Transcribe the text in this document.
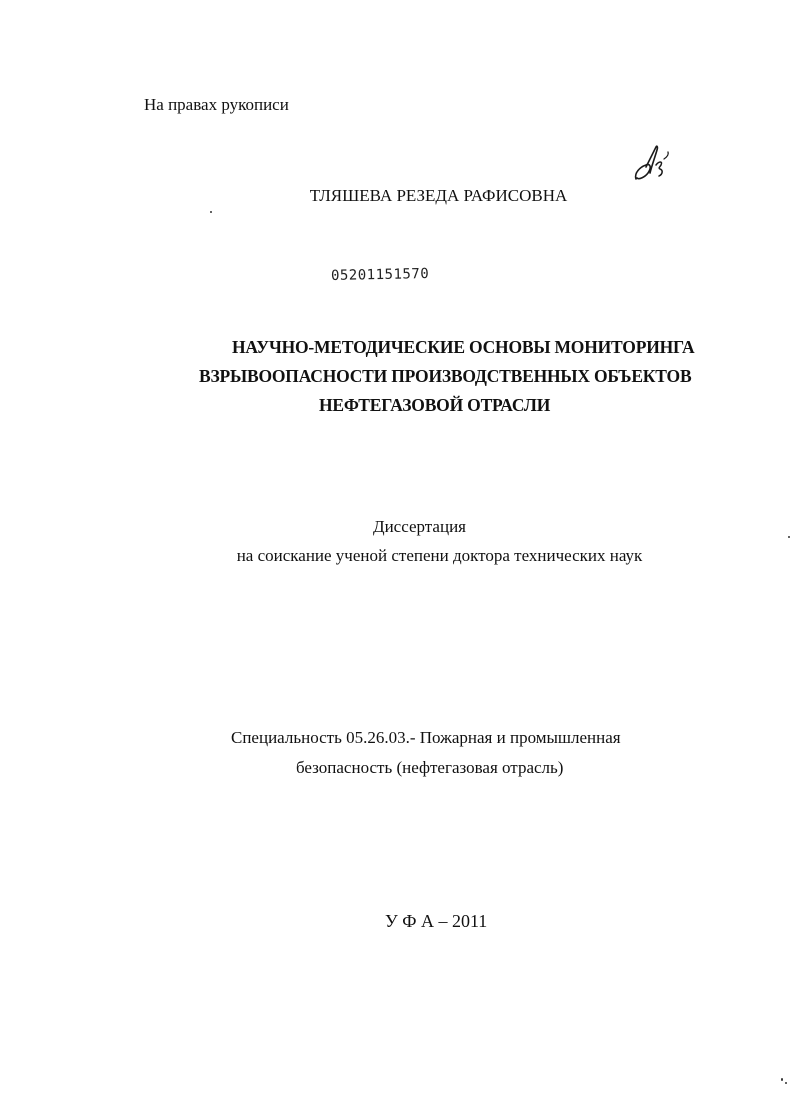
На правах рукописи
ТЛЯШЕВА РЕЗЕДА РАФИСОВНА
05201151570
НАУЧНО-МЕТОДИЧЕСКИЕ ОСНОВЫ МОНИТОРИНГА
ВЗРЫВООПАСНОСТИ ПРОИЗВОДСТВЕННЫХ ОБЪЕКТОВ
НЕФТЕГАЗОВОЙ ОТРАСЛИ
Диссертация
на соискание ученой степени доктора технических наук
Специальность 05.26.03.- Пожарная и промышленная
безопасность (нефтегазовая отрасль)
У Ф А – 2011
